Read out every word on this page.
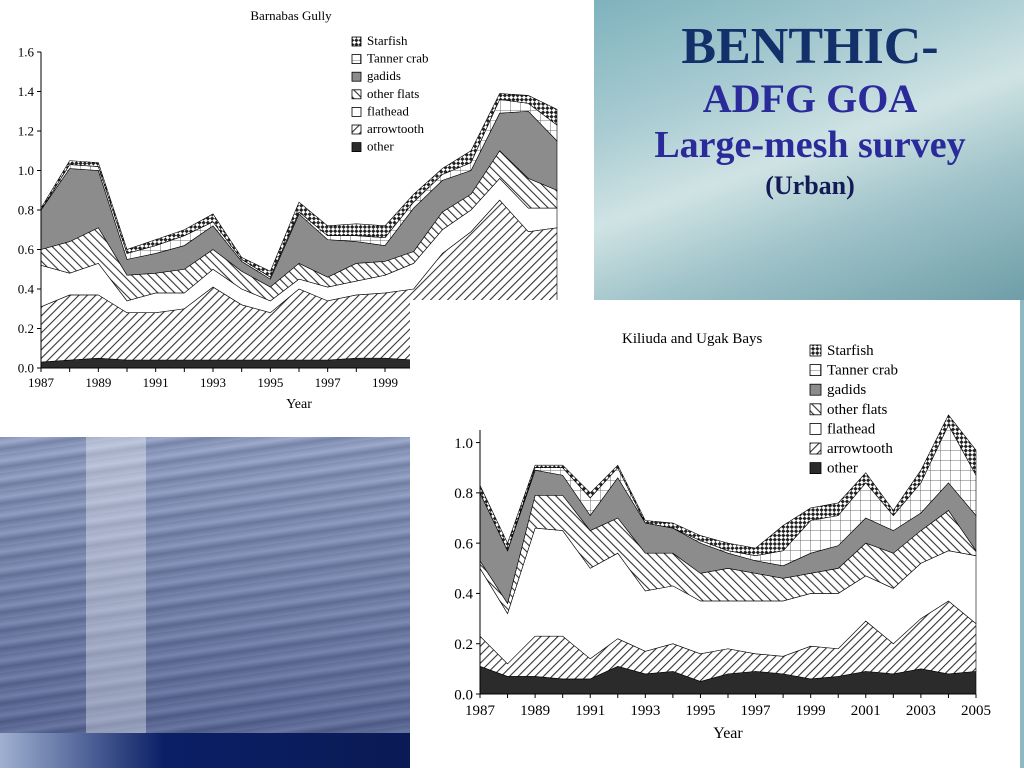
Barnabas Gully
0.0
0.2
0.4
0.6
0.8
1.0
1.2
1.4
1.6
1987 1989 1991 1993 1995 1997 1999
Year
Starfish
Tanner crab
gadids
other flats
flathead
arrowtooth
other
Kiliuda and Ugak Bays
0.0
0.2
0.4
0.6
0.8
1.0
1987 1989 1991 1993 1995 1997 1999 2001 2003 2005
Year
Starfish
Tanner crab
gadids
other flats
flathead
arrowtooth
other
BENTHIC-
ADFG GOA
Large-mesh survey
(Urban)
